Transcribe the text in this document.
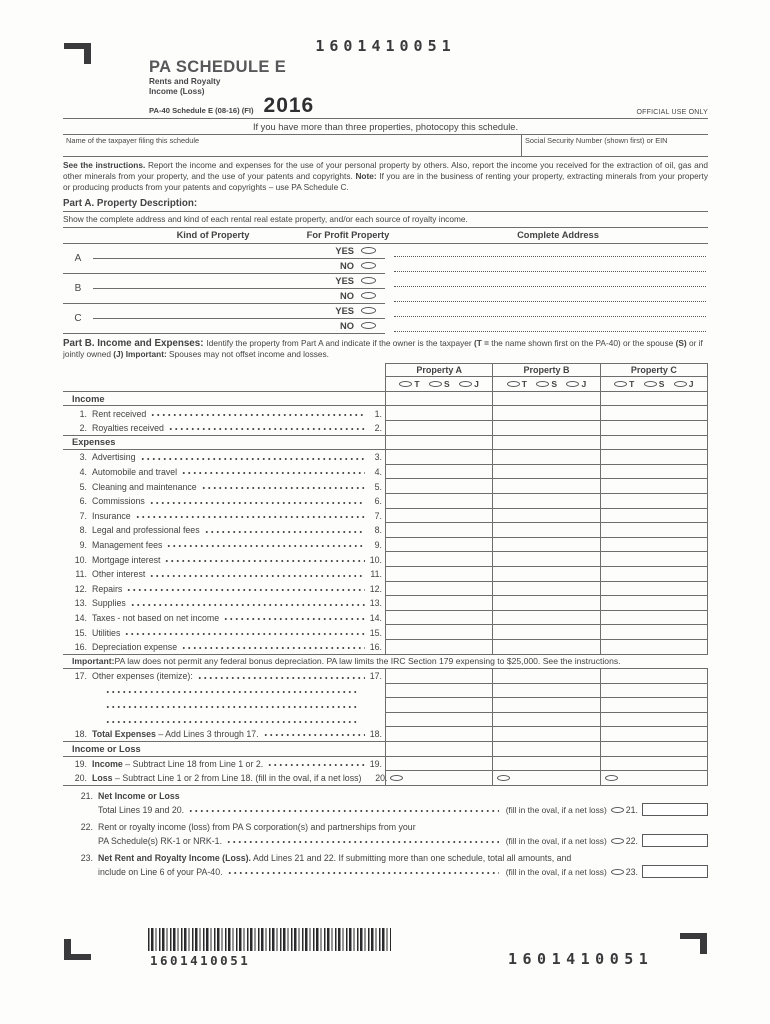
1601410051
PA SCHEDULE E
Rents and Royalty
Income (Loss)
PA-40 Schedule E (08-16) (FI) 2016	OFFICIAL USE ONLY
If you have more than three properties, photocopy this schedule.
Name of the taxpayer filing this schedule	Social Security Number (shown first) or EIN

See the instructions. Report the income and expenses for the use of your personal property by others. Also, report the income you received for the extraction of oil, gas and other minerals from your property, and the use of your patents and copyrights. Note: If you are in the business of renting your property, extracting minerals from your property or producing products from your patents and copyrights – use PA Schedule C.

Part A. Property Description:
Show the complete address and kind of each rental real estate property, and/or each source of royalty income.
Kind of Property	For Profit Property	Complete Address
A
YES
NO
B
YES
NO
C
YES
NO
Part B. Income and Expenses: Identify the property from Part A and indicate if the owner is the taxpayer (T = the name shown first on the PA-40) or the spouse (S) or if jointly owned (J) Important: Spouses may not offset income and losses.
Property A
T	S	J
Property B
T	S	J
Property C
T	S	J
Income
1. Rent received	1.
2. Royalties received	2.
Expenses
3. Advertising	3.
4. Automobile and travel	4.
5. Cleaning and maintenance	5.
6. Commissions	6.
7. Insurance	7.
8. Legal and professional fees	8.
9. Management fees	9.
10. Mortgage interest	10.
11. Other interest	11.
12. Repairs	12.
13. Supplies	13.
14. Taxes - not based on net income	14.
15. Utilities	15.
16. Depreciation expense	16.
Important: PA law does not permit any federal bonus depreciation. PA law limits the IRC Section 179 expensing to $25,000. See the instructions.
17. Other expenses (itemize):	17.
18. Total Expenses – Add Lines 3 through 17.	18.
Income or Loss
19. Income – Subtract Line 18 from Line 1 or 2.	19.
20. Loss – Subtract Line 1 or 2 from Line 18. (fill in the oval, if a net loss) 20.
21. Net Income or Loss
Total Lines 19 and 20.	(fill in the oval, if a net loss) 21.
22. Rent or royalty income (loss) from PA S corporation(s) and partnerships from your
PA Schedule(s) RK-1 or NRK-1.	(fill in the oval, if a net loss) 22.
23. Net Rent and Royalty Income (Loss). Add Lines 21 and 22. If submitting more than one schedule, total all amounts, and
include on Line 6 of your PA-40.	(fill in the oval, if a net loss) 23.
1601410051	1601410051
